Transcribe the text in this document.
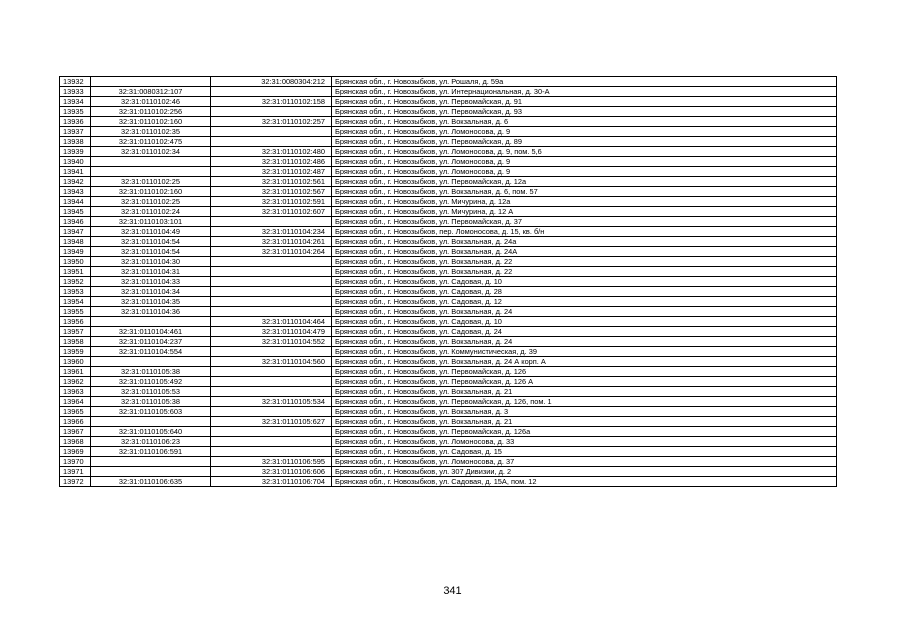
13932		32:31:0080304:212	Брянская обл., г. Новозыбков, ул. Рошаля, д. 59а
13933	32:31:0080312:107		Брянская обл., г. Новозыбков, ул. Интернациональная, д. 30-А
13934	32:31:0110102:46	32:31:0110102:158	Брянская обл., г. Новозыбков, ул. Первомайская, д. 91
13935	32:31:0110102:256		Брянская обл., г. Новозыбков, ул. Первомайская, д. 93
13936	32:31:0110102:160	32:31:0110102:257	Брянская обл., г. Новозыбков, ул. Вокзальная, д. 6
13937	32:31:0110102:35		Брянская обл., г. Новозыбков, ул. Ломоносова, д. 9
13938	32:31:0110102:475		Брянская обл., г. Новозыбков, ул. Первомайская, д. 89
13939	32:31:0110102:34	32:31:0110102:480	Брянская обл., г. Новозыбков, ул. Ломоносова, д. 9, пом. 5,6
13940		32:31:0110102:486	Брянская обл., г. Новозыбков, ул. Ломоносова, д. 9
13941		32:31:0110102:487	Брянская обл., г. Новозыбков, ул. Ломоносова, д. 9
13942	32:31:0110102:25	32:31:0110102:561	Брянская обл., г. Новозыбков, ул. Первомайская, д. 12а
13943	32:31:0110102:160	32:31:0110102:567	Брянская обл., г. Новозыбков, ул. Вокзальная, д. 6, пом. 57
13944	32:31:0110102:25	32:31:0110102:591	Брянская обл., г. Новозыбков, ул. Мичурина, д. 12а
13945	32:31:0110102:24	32:31:0110102:607	Брянская обл., г. Новозыбков, ул. Мичурина, д. 12 А
13946	32:31:0110103:101		Брянская обл., г. Новозыбков, ул. Первомайская, д. 37
13947	32:31:0110104:49	32:31:0110104:234	Брянская обл., г. Новозыбков, пер. Ломоносова, д. 15, кв. б/н
13948	32:31:0110104:54	32:31:0110104:261	Брянская обл., г. Новозыбков, ул. Вокзальная, д. 24а
13949	32:31:0110104:54	32:31:0110104:264	Брянская обл., г. Новозыбков, ул. Вокзальная, д. 24А
13950	32:31:0110104:30		Брянская обл., г. Новозыбков, ул. Вокзальная, д. 22
13951	32:31:0110104:31		Брянская обл., г. Новозыбков, ул. Вокзальная, д. 22
13952	32:31:0110104:33		Брянская обл., г. Новозыбков, ул. Садовая, д. 10
13953	32:31:0110104:34		Брянская обл., г. Новозыбков, ул. Садовая, д. 28
13954	32:31:0110104:35		Брянская обл., г. Новозыбков, ул. Садовая, д. 12
13955	32:31:0110104:36		Брянская обл., г. Новозыбков, ул. Вокзальная, д. 24
13956		32:31:0110104:464	Брянская обл., г. Новозыбков, ул. Садовая, д. 10
13957	32:31:0110104:461	32:31:0110104:479	Брянская обл., г. Новозыбков, ул. Садовая, д. 24
13958	32:31:0110104:237	32:31:0110104:552	Брянская обл., г. Новозыбков, ул. Вокзальная, д. 24
13959	32:31:0110104:554		Брянская обл., г. Новозыбков, ул. Коммунистическая, д. 39
13960		32:31:0110104:560	Брянская обл., г. Новозыбков, ул. Вокзальная, д. 24 А корп. А
13961	32:31:0110105:38		Брянская обл., г. Новозыбков, ул. Первомайская, д. 126
13962	32:31:0110105:492		Брянская обл., г. Новозыбков, ул. Первомайская, д. 126 А
13963	32:31:0110105:53		Брянская обл., г. Новозыбков, ул. Вокзальная, д. 21
13964	32:31:0110105:38	32:31:0110105:534	Брянская обл., г. Новозыбков, ул. Первомайская, д. 126, пом. 1
13965	32:31:0110105:603		Брянская обл., г. Новозыбков, ул. Вокзальная, д. 3
13966		32:31:0110105:627	Брянская обл., г. Новозыбков, ул. Вокзальная, д. 21
13967	32:31:0110105:640		Брянская обл., г. Новозыбков, ул. Первомайская, д. 126а
13968	32:31:0110106:23		Брянская обл., г. Новозыбков, ул. Ломоносова, д. 33
13969	32:31:0110106:591		Брянская обл., г. Новозыбков, ул. Садовая, д. 15
13970		32:31:0110106:595	Брянская обл., г. Новозыбков, ул. Ломоносова, д. 37
13971		32:31:0110106:606	Брянская обл., г. Новозыбков, ул. 307 Дивизии, д. 2
13972	32:31:0110106:635	32:31:0110106:704	Брянская обл., г. Новозыбков, ул. Садовая, д. 15А, пом. 12
341
